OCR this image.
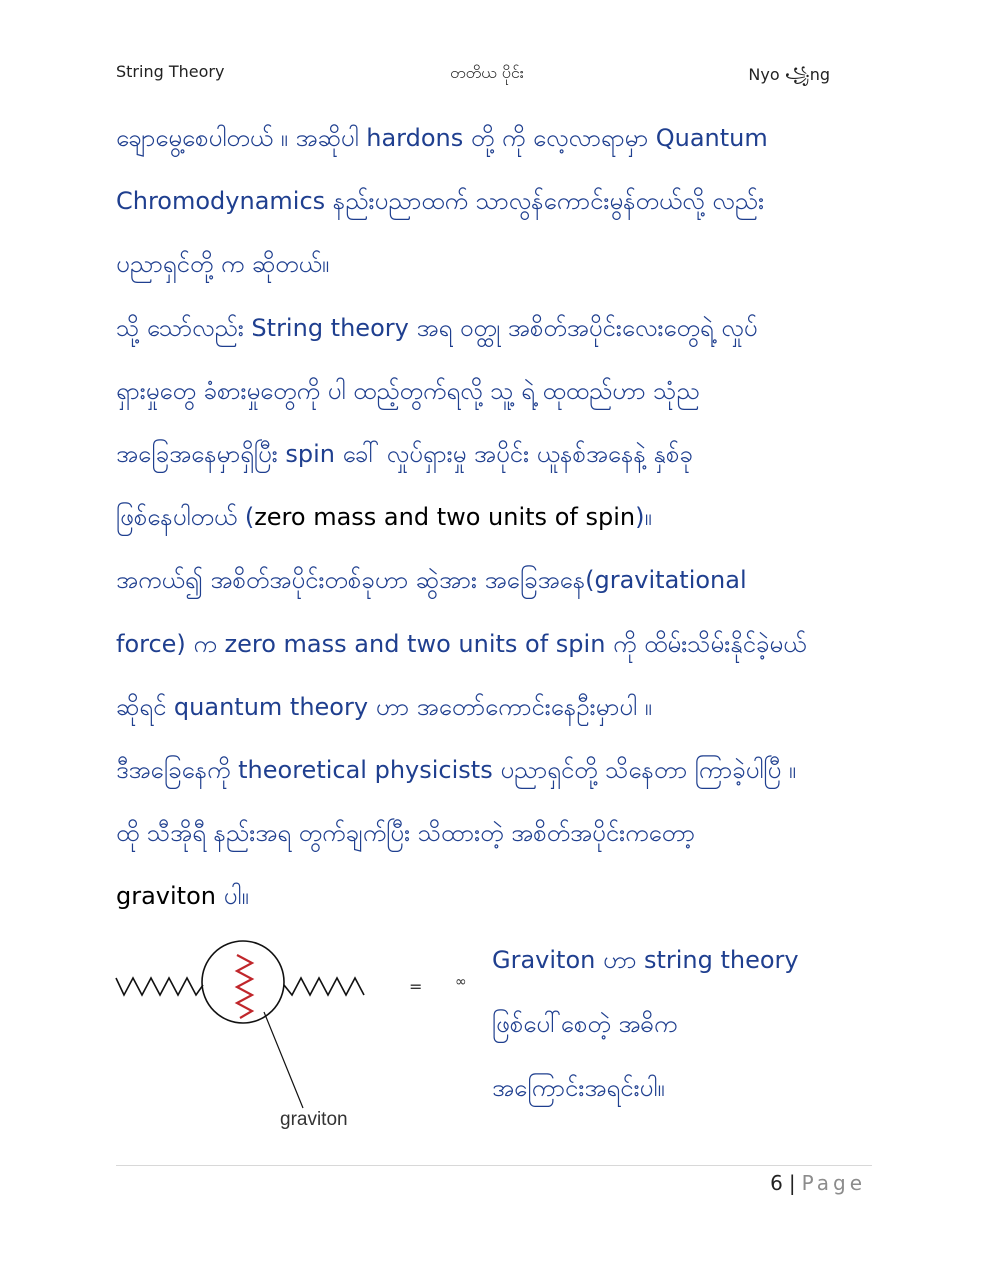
String Theory	တတိယ ပိုင်း	Nyo ꧁ng
ချောမွေ့စေပါတယ် ။ အဆိုပါ hardons တို့ ကို လေ့လာရာမှာ Quantum
Chromodynamics နည်းပညာထက် သာလွန်ကောင်းမွန်တယ်လို့ လည်း
ပညာရှင်တို့ က ဆိုတယ်။
သို့ သော်လည်း String theory အရ ဝတ္ထု အစိတ်အပိုင်းလေးတွေရဲ့ လှုပ်
ရှားမှုတွေ ခံစားမှုတွေကို ပါ ထည့်တွက်ရလို့ သူ့ ရဲ့ ထုထည်ဟာ သုံည
အခြေအနေမှာရှိပြီး spin ခေါ် လှုပ်ရှားမှု အပိုင်း ယူနစ်အနေနဲ့ နှစ်ခု
ဖြစ်နေပါတယ် (zero mass and two units of spin)။
အကယ်၍ အစိတ်အပိုင်းတစ်ခုဟာ ဆွဲအား အခြေအနေ(gravitational
force) က zero mass and two units of spin ကို ထိမ်းသိမ်းနိုင်ခဲ့မယ်
ဆိုရင် quantum theory ဟာ အတော်ကောင်းနေဦးမှာပါ ။
ဒီအခြေနေကို theoretical physicists ပညာရှင်တို့ သိနေတာ ကြာခဲ့ပါပြီ ။
ထို သီအိုရီ နည်းအရ တွက်ချက်ပြီး သိထားတဲ့ အစိတ်အပိုင်းကတော့
graviton ပါ။
= ∞
graviton
Graviton ဟာ string theory
ဖြစ်ပေါ်စေတဲ့ အဓိက
အကြောင်းအရင်းပါ။
6 | Page
